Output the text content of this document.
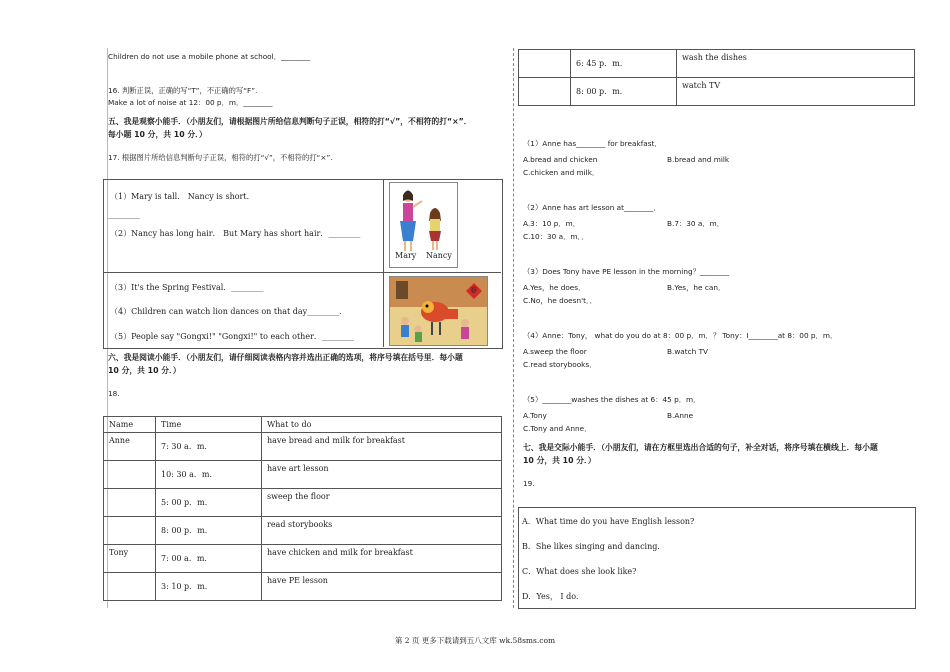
Children do not use a mobile phone at school．________
16. 判断正误，正确的写“T”，不正确的写“F”.
Make a lot of noise at 12：00 p．m．________
五、我是观察小能手．（小朋友们，请根据图片所给信息判断句子正误，相符的打“√”，不相符的打“×”．
每小题 10 分，共 10 分．）
17. 根据图片所给信息判断句子正误，相符的打“√”，不相符的打“×”.
（1）Mary is tall． Nancy is short．
________
（2）Nancy has long hair． But Mary has short hair．________
（3）It's the Spring Festival．________
（4）Children can watch lion dances on that day________．
（5）People say "Gongxi!" "Gongxi!" to each other．________
Mary Nancy
春
六、我是阅读小能手．（小朋友们，请仔细阅读表格内容并选出正确的选项，将序号填在括号里．每小题
10 分，共 10 分．）
18.
Name	Time	What to do
Anne	7: 30 a．m．	have bread and milk for breakfast
	10: 30 a．m．	have art lesson
	5: 00 p．m．	sweep the floor
	8: 00 p．m．	read storybooks
Tony	7: 00 a．m．	have chicken and milk for breakfast
	3: 10 p．m．	have PE lesson
	6: 45 p．m．	wash the dishes
	8: 00 p．m．	watch TV
（1）Anne has________ for breakfast．
A.bread and chicken	B.bread and milk
C.chicken and milk．
（2）Anne has art lesson at________．
A.3：10 p．m．	B.7：30 a．m．
C.10：30 a．m．．
（3）Does Tony have PE lesson in the morning？________
A.Yes，he does．	B.Yes，he can．
C.No，he doesn't．．
（4）Anne：Tony， what do you do at 8：00 p．m．？ Tony：I________at 8：00 p．m．
A.sweep the floor	B.watch TV
C.read storybooks．
（5）________washes the dishes at 6：45 p．m．
A.Tony	B.Anne
C.Tony and Anne．
七、我是交际小能手．（小朋友们，请在方框里选出合适的句子，补全对话，将序号填在横线上．每小题
10 分，共 10 分．）
19.
A．What time do you have English lesson?
B．She likes singing and dancing．
C．What does she look like?
D．Yes， I do．
第 2 页 更多下载请到五八文库 wk.58sms.com
